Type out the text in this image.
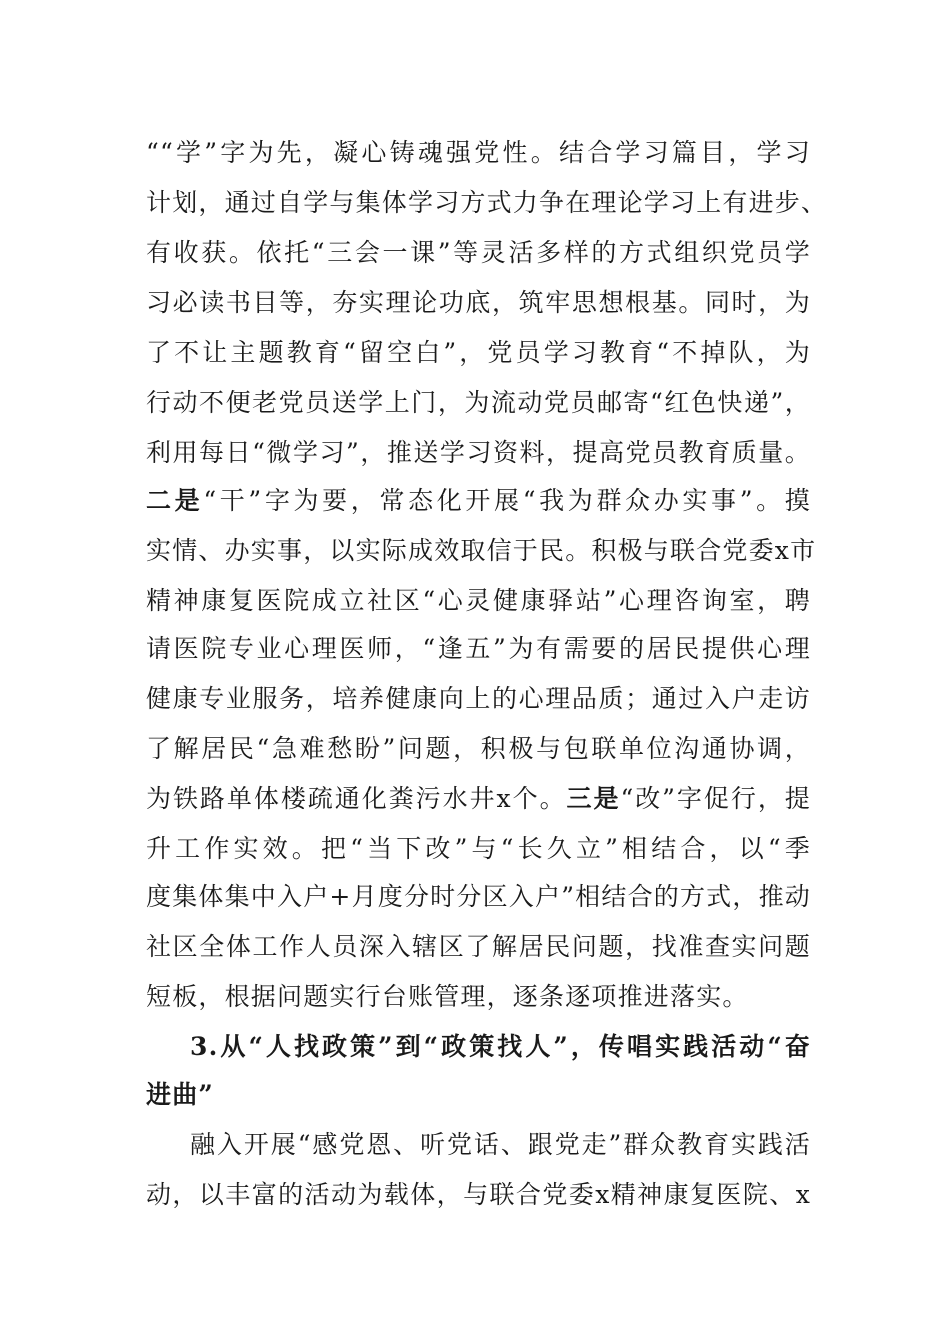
““学”字为先，凝心铸魂强党性。结合学习篇目，学习
计划，通过自学与集体学习方式力争在理论学习上有进步、
有收获。依托“三会一课”等灵活多样的方式组织党员学
习必读书目等，夯实理论功底，筑牢思想根基。同时，为
了不让主题教育“留空白”，党员学习教育“不掉队，为
行动不便老党员送学上门，为流动党员邮寄“红色快递”，
利用每日“微学习”，推送学习资料，提高党员教育质量。
二是“干”字为要，常态化开展“我为群众办实事”。摸
实情、办实事，以实际成效取信于民。积极与联合党委x市
精神康复医院成立社区“心灵健康驿站”心理咨询室，聘
请医院专业心理医师，“逢五”为有需要的居民提供心理
健康专业服务，培养健康向上的心理品质；通过入户走访
了解居民“急难愁盼”问题，积极与包联单位沟通协调，
为铁路单体楼疏通化粪污水井x个。三是“改”字促行，提
升工作实效。把“当下改”与“长久立”相结合，以“季
度集体集中入户+月度分时分区入户”相结合的方式，推动
社区全体工作人员深入辖区了解居民问题，找准查实问题
短板，根据问题实行台账管理，逐条逐项推进落实。
3.从“人找政策”到“政策找人”，传唱实践活动“奋
进曲”
融入开展“感党恩、听党话、跟党走”群众教育实践活
动，以丰富的活动为载体，与联合党委x精神康复医院、x
